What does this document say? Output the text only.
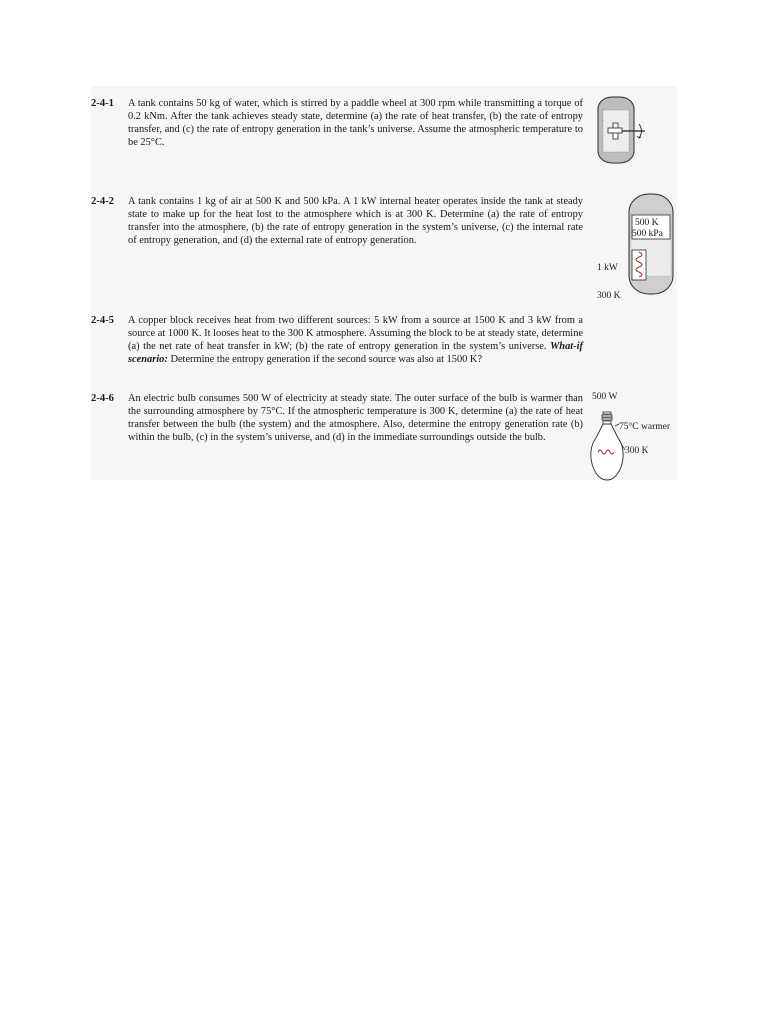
2-4-1	A tank contains 50 kg of water, which is stirred by a paddle wheel at 300 rpm while transmitting a torque of 0.2 kNm. After the tank achieves steady state, determine (a) the rate of heat transfer, (b) the rate of entropy transfer, and (c) the rate of entropy generation in the tank’s universe. Assume the atmospheric temperature to be 25°C.
2-4-2	A tank contains 1 kg of air at 500 K and 500 kPa. A 1 kW internal heater operates inside the tank at steady state to make up for the heat lost to the atmosphere which is at 300 K. Determine (a) the rate of entropy transfer into the atmosphere, (b) the rate of entropy generation in the system’s universe, (c) the internal rate of entropy generation, and (d) the external rate of entropy generation.
500 K
500 kPa
1 kW
300 K
2-4-5	A copper block receives heat from two different sources: 5 kW from a source at 1500 K and 3 kW from a source at 1000 K. It looses heat to the 300 K atmosphere. Assuming the block to be at steady state, determine (a) the net rate of heat transfer in kW; (b) the rate of entropy generation in the system’s universe. What-if scenario: Determine the entropy generation if the second source was also at 1500 K?
2-4-6	An electric bulb consumes 500 W of electricity at steady state. The outer surface of the bulb is warmer than the surrounding atmosphere by 75°C. If the atmospheric temperature is 300 K, determine (a) the rate of heat transfer between the bulb (the system) and the atmosphere. Also, determine the entropy generation rate (b) within the bulb, (c) in the system’s universe, and (d) in the immediate surroundings outside the bulb.
500 W
75°C warmer
300 K
